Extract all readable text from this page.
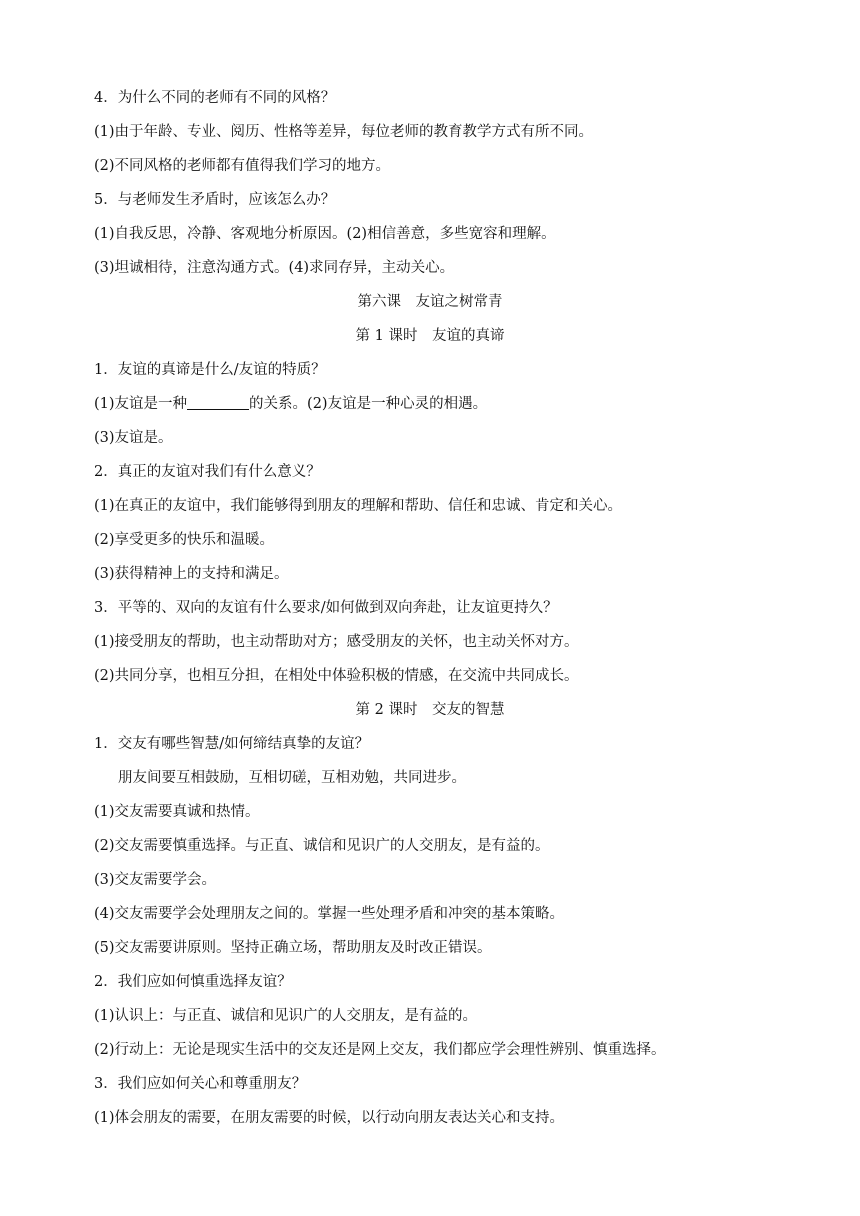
4．为什么不同的老师有不同的风格？

(1)由于年龄、专业、阅历、性格等差异，每位老师的教育教学方式有所不同。

(2)不同风格的老师都有值得我们学习的地方。

5．与老师发生矛盾时，应该怎么办？

(1)自我反思，冷静、客观地分析原因。(2)相信善意，多些宽容和理解。

(3)坦诚相待，注意沟通方式。(4)求同存异，主动关心。

第六课　友谊之树常青

第 1 课时　友谊的真谛

1．友谊的真谛是什么/友谊的特质？

(1)友谊是一种	的关系。(2)友谊是一种心灵的相遇。

(3)友谊是。

2．真正的友谊对我们有什么意义？

(1)在真正的友谊中，我们能够得到朋友的理解和帮助、信任和忠诚、肯定和关心。

(2)享受更多的快乐和温暖。

(3)获得精神上的支持和满足。

3．平等的、双向的友谊有什么要求/如何做到双向奔赴，让友谊更持久？

(1)接受朋友的帮助，也主动帮助对方；感受朋友的关怀，也主动关怀对方。

(2)共同分享，也相互分担，在相处中体验积极的情感，在交流中共同成长。

第 2 课时　交友的智慧

1．交友有哪些智慧/如何缔结真挚的友谊？

朋友间要互相鼓励，互相切磋，互相劝勉，共同进步。

(1)交友需要真诚和热情。

(2)交友需要慎重选择。与正直、诚信和见识广的人交朋友，是有益的。

(3)交友需要学会。

(4)交友需要学会处理朋友之间的。掌握一些处理矛盾和冲突的基本策略。

(5)交友需要讲原则。坚持正确立场，帮助朋友及时改正错误。

2．我们应如何慎重选择友谊？

(1)认识上：与正直、诚信和见识广的人交朋友，是有益的。

(2)行动上：无论是现实生活中的交友还是网上交友，我们都应学会理性辨别、慎重选择。

3．我们应如何关心和尊重朋友？

(1)体会朋友的需要，在朋友需要的时候，以行动向朋友表达关心和支持。
